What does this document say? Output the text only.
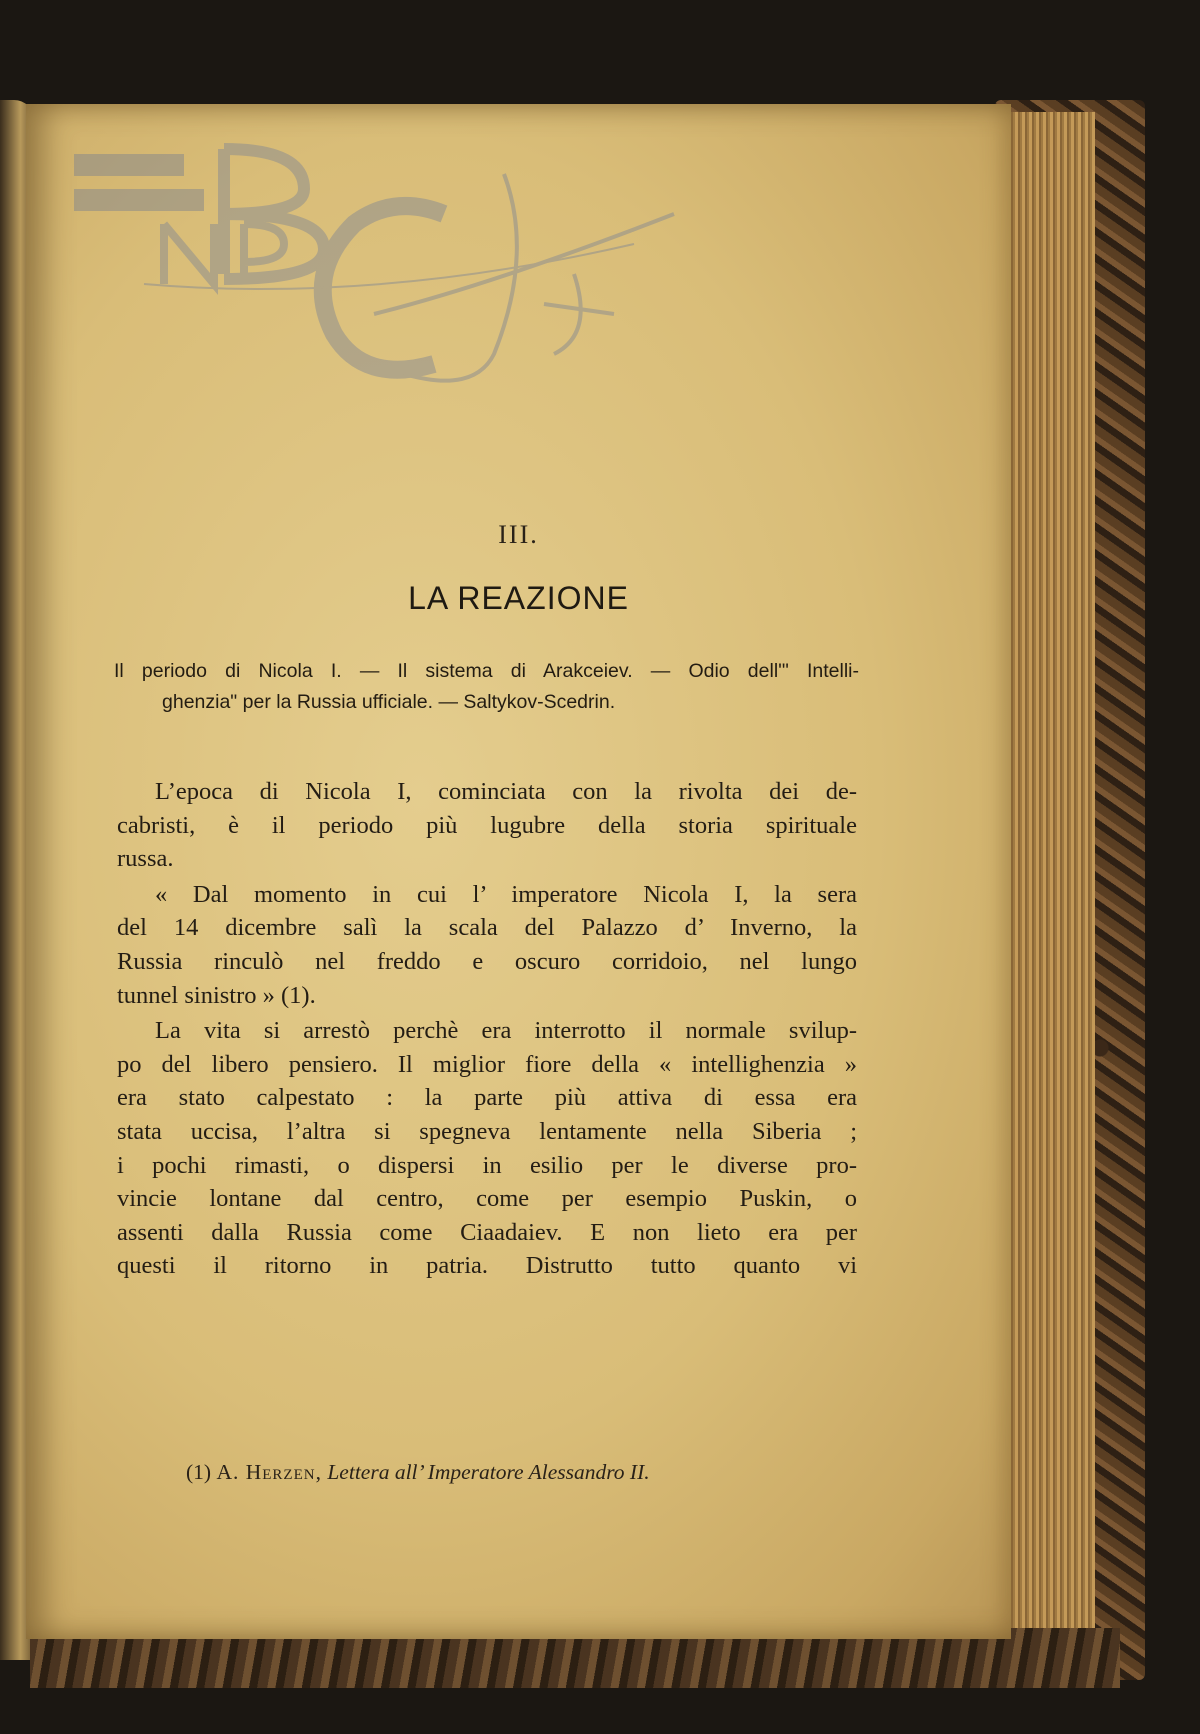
III.
LA REAZIONE
Il periodo di Nicola I. — Il sistema di Arakceiev. — Odio dell'" Intelli-
ghenzia" per la Russia ufficiale. — Saltykov-Scedrin.
L’epoca di Nicola I, cominciata con la rivolta dei de-
cabristi, è il periodo più lugubre della storia spirituale
russa.
« Dal momento in cui l’ imperatore Nicola I, la sera
del 14 dicembre salì la scala del Palazzo d’ Inverno, la
Russia rinculò nel freddo e oscuro corridoio, nel lungo
tunnel sinistro » (1).
La vita si arrestò perchè era interrotto il normale svilup-
po del libero pensiero. Il miglior fiore della « intellighenzia »
era stato calpestato : la parte più attiva di essa era
stata uccisa, l’altra si spegneva lentamente nella Siberia ;
i pochi rimasti, o dispersi in esilio per le diverse pro-
vincie lontane dal centro, come per esempio Puskin, o
assenti dalla Russia come Ciaadaiev. E non lieto era per
questi il ritorno in patria. Distrutto tutto quanto vi
(1) A. Herzen, Lettera all’ Imperatore Alessandro II.
